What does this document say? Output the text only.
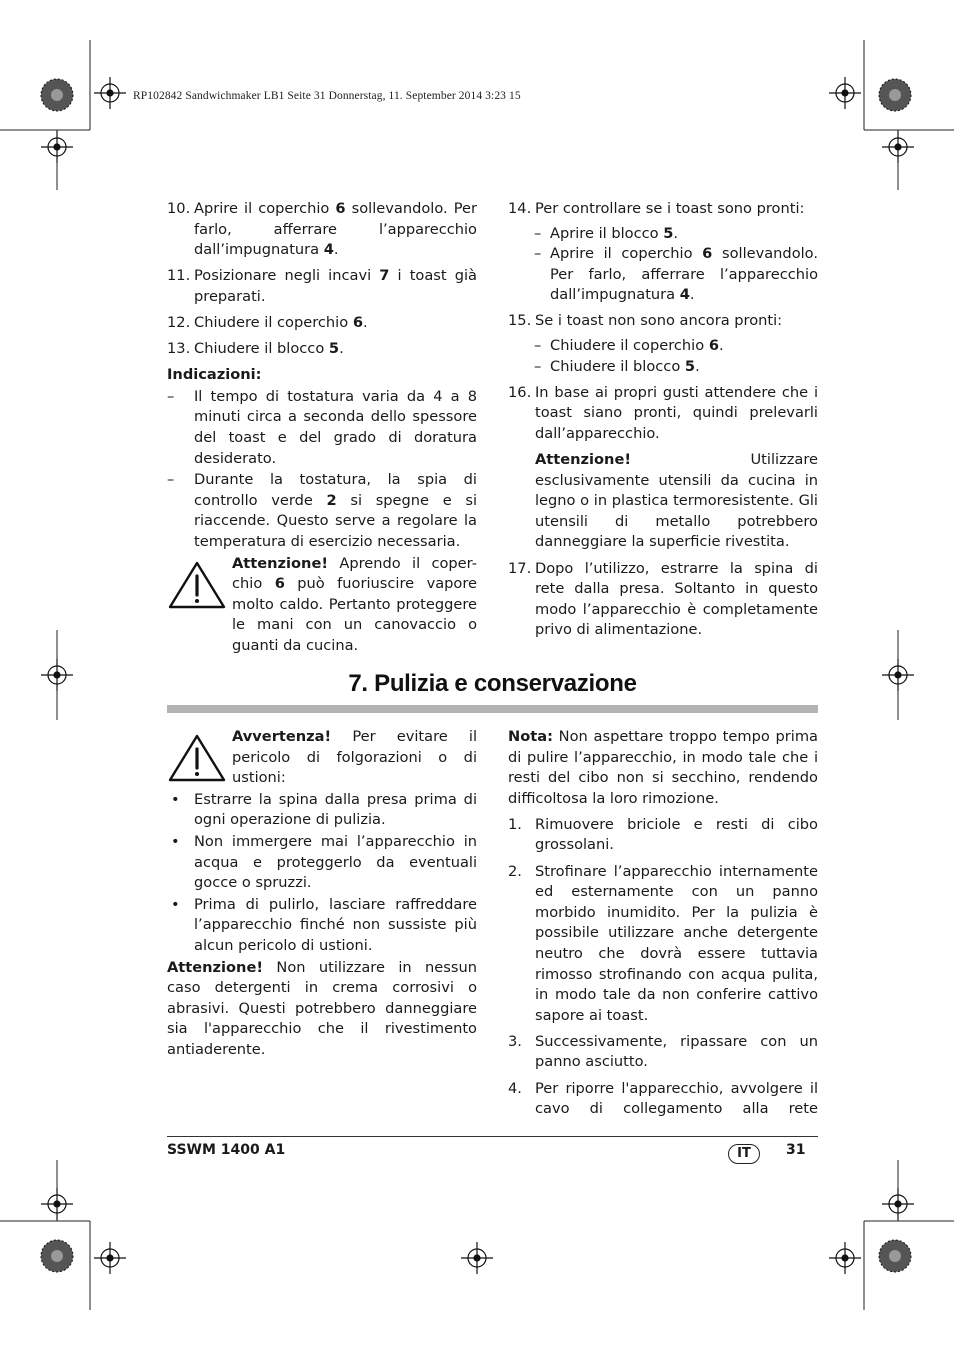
RP102842 Sandwichmaker LB1 Seite 31 Donnerstag, 11. September 2014 3:23 15
10. Aprire il coperchio 6 sollevandolo. Per farlo, afferrare l’apparecchio dall’impugnatura 4.
11. Posizionare negli incavi 7 i toast già preparati.
12. Chiudere il coperchio 6.
13. Chiudere il blocco 5.

Indicazioni:

– Il tempo di tostatura varia da 4 a 8 minuti circa a seconda dello spessore del toast e del grado di doratura desiderato.
– Durante la tostatura, la spia di controllo verde 2 si spegne e si riaccende. Questo serve a regolare la temperatura di esercizio necessaria.
Attenzione! Aprendo il coper-chio 6 può fuoriuscire vapore molto caldo. Pertanto proteggere le mani con un canovaccio o guanti da cucina.
14. Per controllare se i toast sono pronti:
– Aprire il blocco 5.
– Aprire il coperchio 6 sollevandolo. Per farlo, afferrare l’apparecchio dall’impugnatura 4.
15. Se i toast non sono ancora pronti:
– Chiudere il coperchio 6.
– Chiudere il blocco 5.
16. In base ai propri gusti attendere che i toast siano pronti, quindi prelevarli dall’apparecchio.

Attenzione! Utilizzare esclusivamente utensili da cucina in legno o in plastica termoresistente. Gli utensili di metallo potrebbero danneggiare la superficie rivestita.

17. Dopo l’utilizzo, estrarre la spina di rete dalla presa. Soltanto in questo modo l’apparecchio è completamente privo di alimentazione.
7. Pulizia e conservazione
Avvertenza! Per evitare il pericolo di folgorazioni o di ustioni:
• Estrarre la spina dalla presa prima di ogni operazione di pulizia.
• Non immergere mai l’apparecchio in acqua e proteggerlo da eventuali gocce o spruzzi.
• Prima di pulirlo, lasciare raffreddare l’apparecchio finché non sussiste più alcun pericolo di ustioni.

Attenzione! Non utilizzare in nessun caso detergenti in crema corrosivi o abrasivi. Questi potrebbero danneggiare sia l'apparecchio che il rivestimento antiaderente.

Nota: Non aspettare troppo tempo prima di pulire l’apparecchio, in modo tale che i resti del cibo non si secchino, rendendo difficoltosa la loro rimozione.

1. Rimuovere briciole e resti di cibo grossolani.
2. Strofinare l’apparecchio internamente ed esternamente con un panno morbido inumidito. Per la pulizia è possibile utilizzare anche detergente neutro che dovrà essere tuttavia rimosso strofinando con acqua pulita, in modo tale da non conferire cattivo sapore ai toast.
3. Successivamente, ripassare con un panno asciutto.
4. Per riporre l'apparecchio, avvolgere il cavo di collegamento alla rete
SSWM 1400 A1	IT	31
